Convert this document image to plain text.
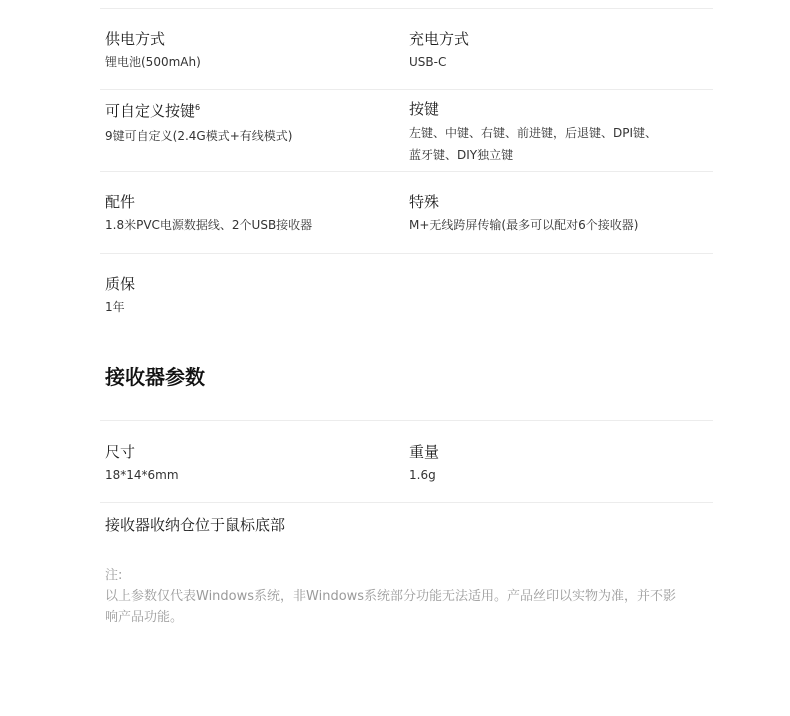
供电方式
锂电池(500mAh)
充电方式
USB-C
可自定义按键$^6$
9键可自定义(2.4G模式+有线模式)
按键
左键、中键、右键、前进键，后退键、DPI键、
蓝牙键、DIY独立键
配件
1.8米PVC电源数据线、2个USB接收器
特殊
M+无线跨屏传输(最多可以配对6个接收器)
质保
1年
接收器参数
尺寸
18*14*6mm
重量
1.6g
接收器收纳仓位于鼠标底部
注:
以上参数仅代表Windows系统，非Windows系统部分功能无法适用。产品丝印以实物为准，并不影
响产品功能。
